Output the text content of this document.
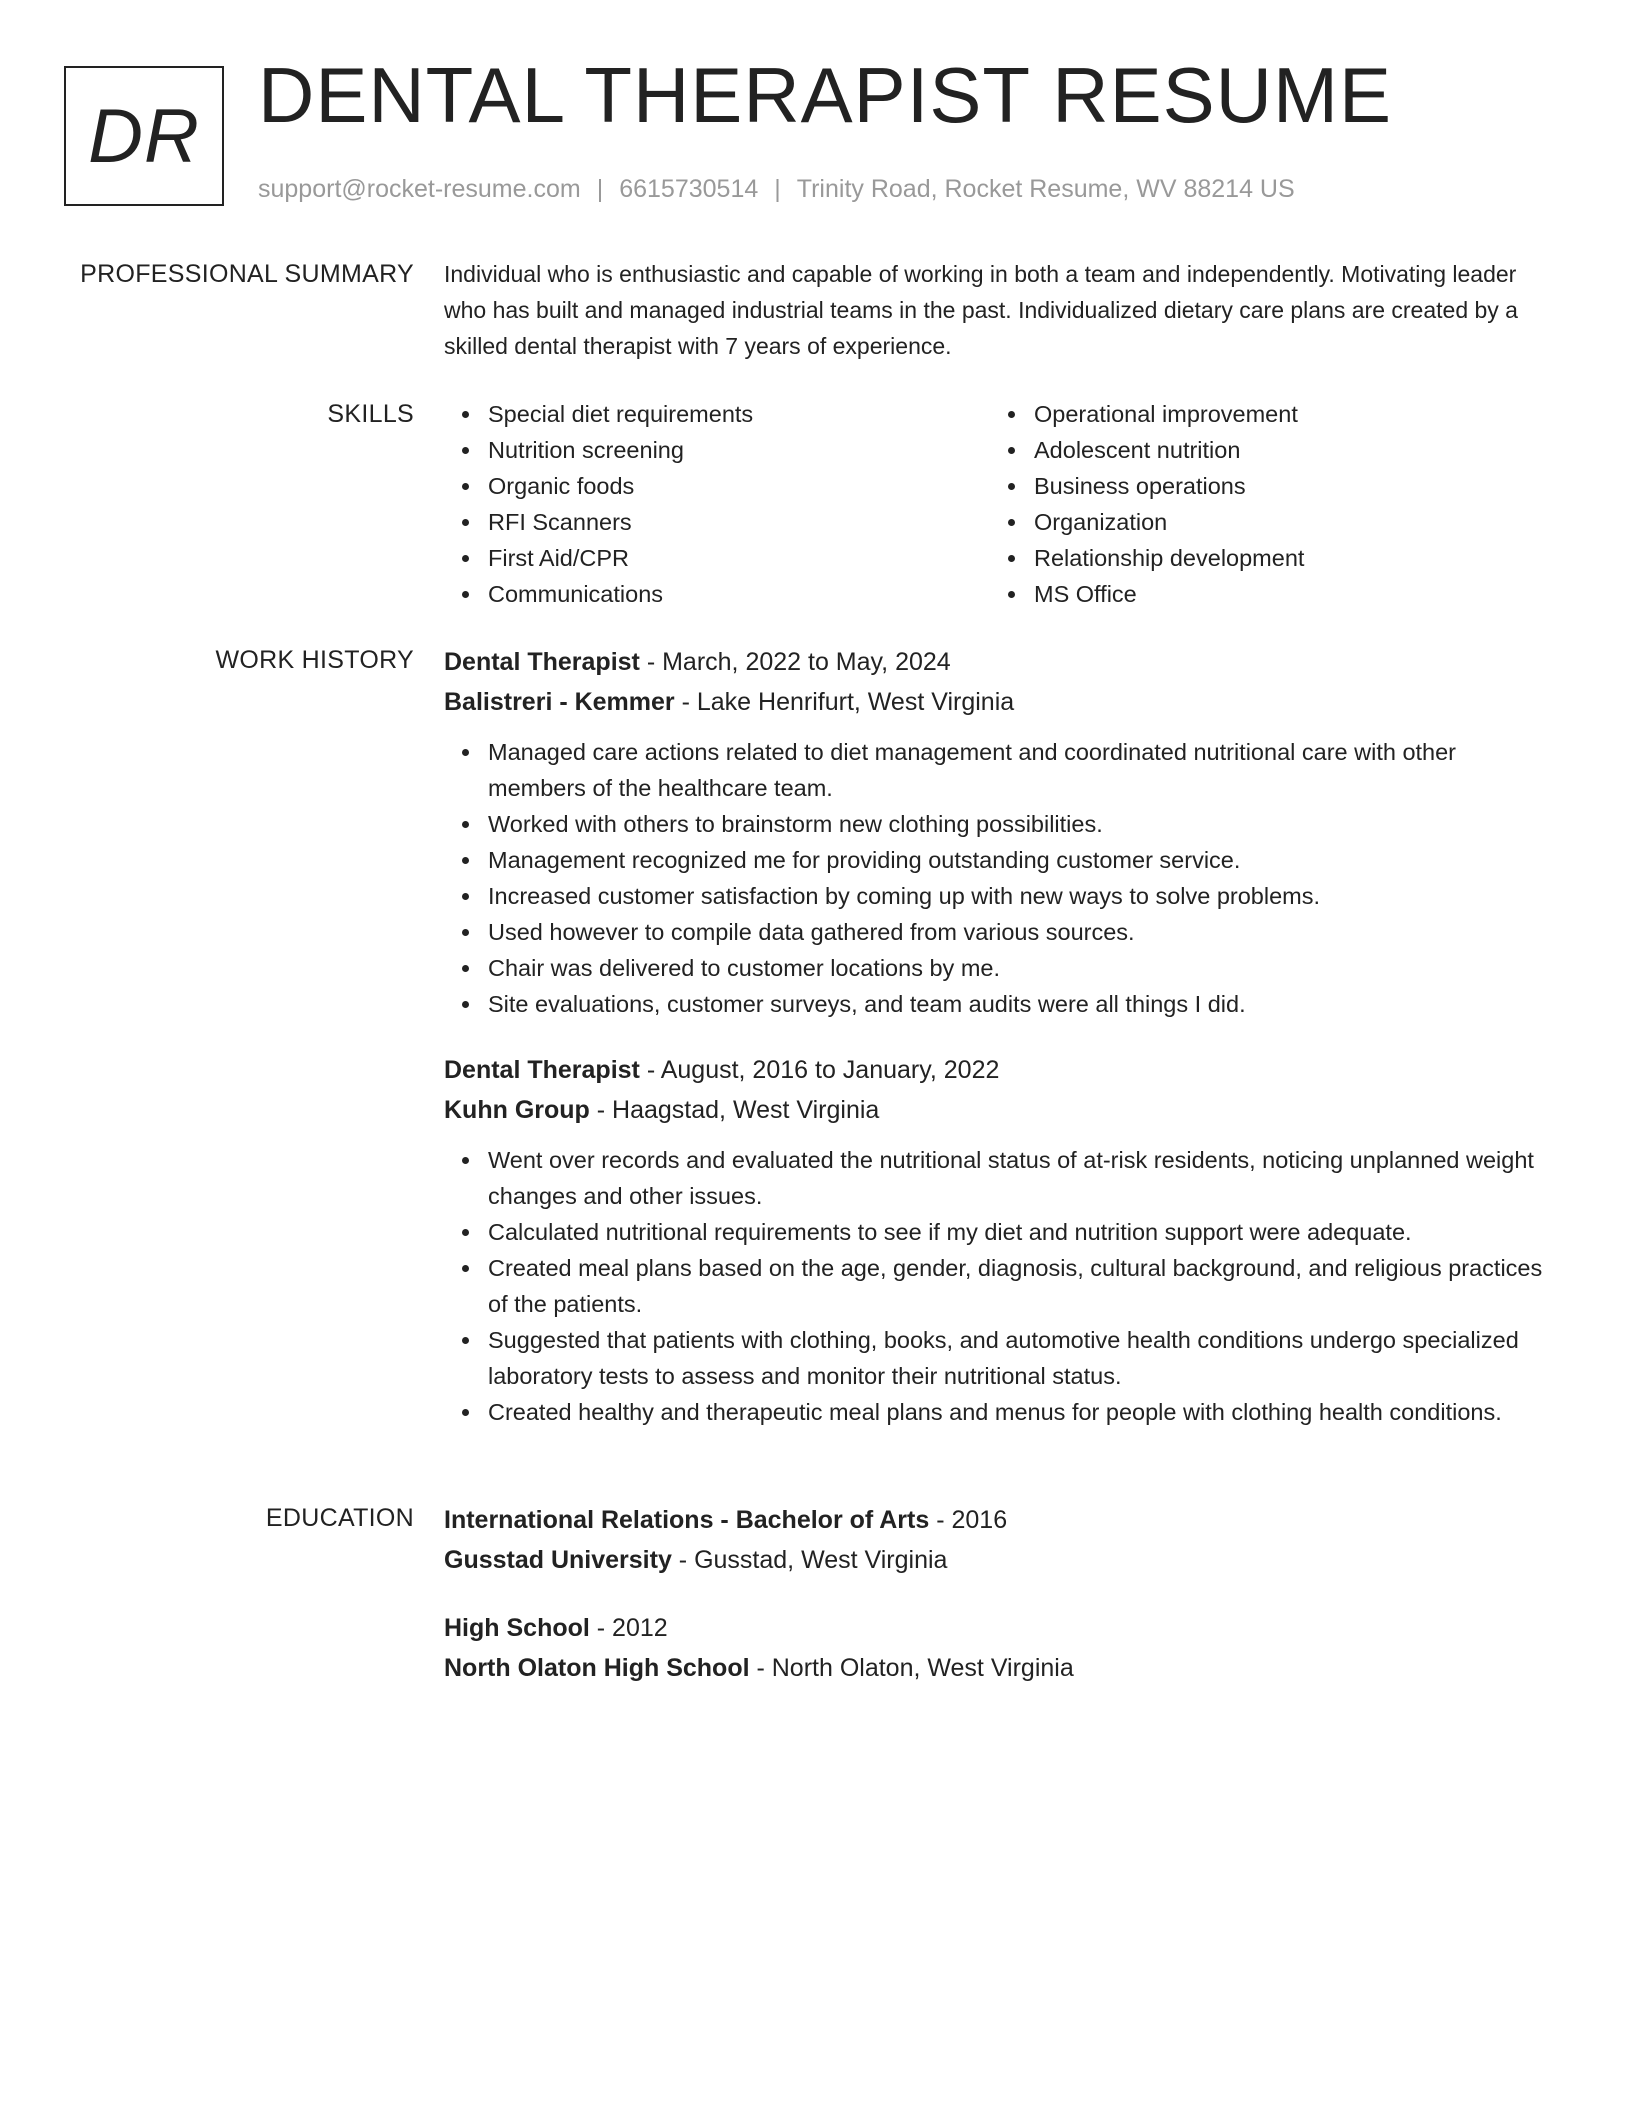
DR DENTAL THERAPIST RESUME
support@rocket-resume.com | 6615730514 | Trinity Road, Rocket Resume, WV 88214 US
PROFESSIONAL SUMMARY Individual who is enthusiastic and capable of working in both a team and independently. Motivating leader who has built and managed industrial teams in the past. Individualized dietary care plans are created by a skilled dental therapist with 7 years of experience.

SKILLS	Special diet requirements
Nutrition screening
Organic foods
RFI Scanners
First Aid/CPR
Communications
Operational improvement
Adolescent nutrition
Business operations
Organization
Relationship development
MS Office
WORK HISTORY Dental Therapist - March, 2022 to May, 2024
Balistreri - Kemmer - Lake Henrifurt, West Virginia
Managed care actions related to diet management and coordinated nutritional care with other members of the healthcare team.
Worked with others to brainstorm new clothing possibilities.
Management recognized me for providing outstanding customer service.
Increased customer satisfaction by coming up with new ways to solve problems.
Used however to compile data gathered from various sources.
Chair was delivered to customer locations by me.
Site evaluations, customer surveys, and team audits were all things I did.
Dental Therapist - August, 2016 to January, 2022
Kuhn Group - Haagstad, West Virginia
Went over records and evaluated the nutritional status of at-risk residents, noticing unplanned weight changes and other issues.
Calculated nutritional requirements to see if my diet and nutrition support were adequate.
Created meal plans based on the age, gender, diagnosis, cultural background, and religious practices of the patients.
Suggested that patients with clothing, books, and automotive health conditions undergo specialized laboratory tests to assess and monitor their nutritional status.
Created healthy and therapeutic meal plans and menus for people with clothing health conditions.
EDUCATION International Relations - Bachelor of Arts - 2016
Gusstad University - Gusstad, West Virginia
High School - 2012
North Olaton High School - North Olaton, West Virginia
